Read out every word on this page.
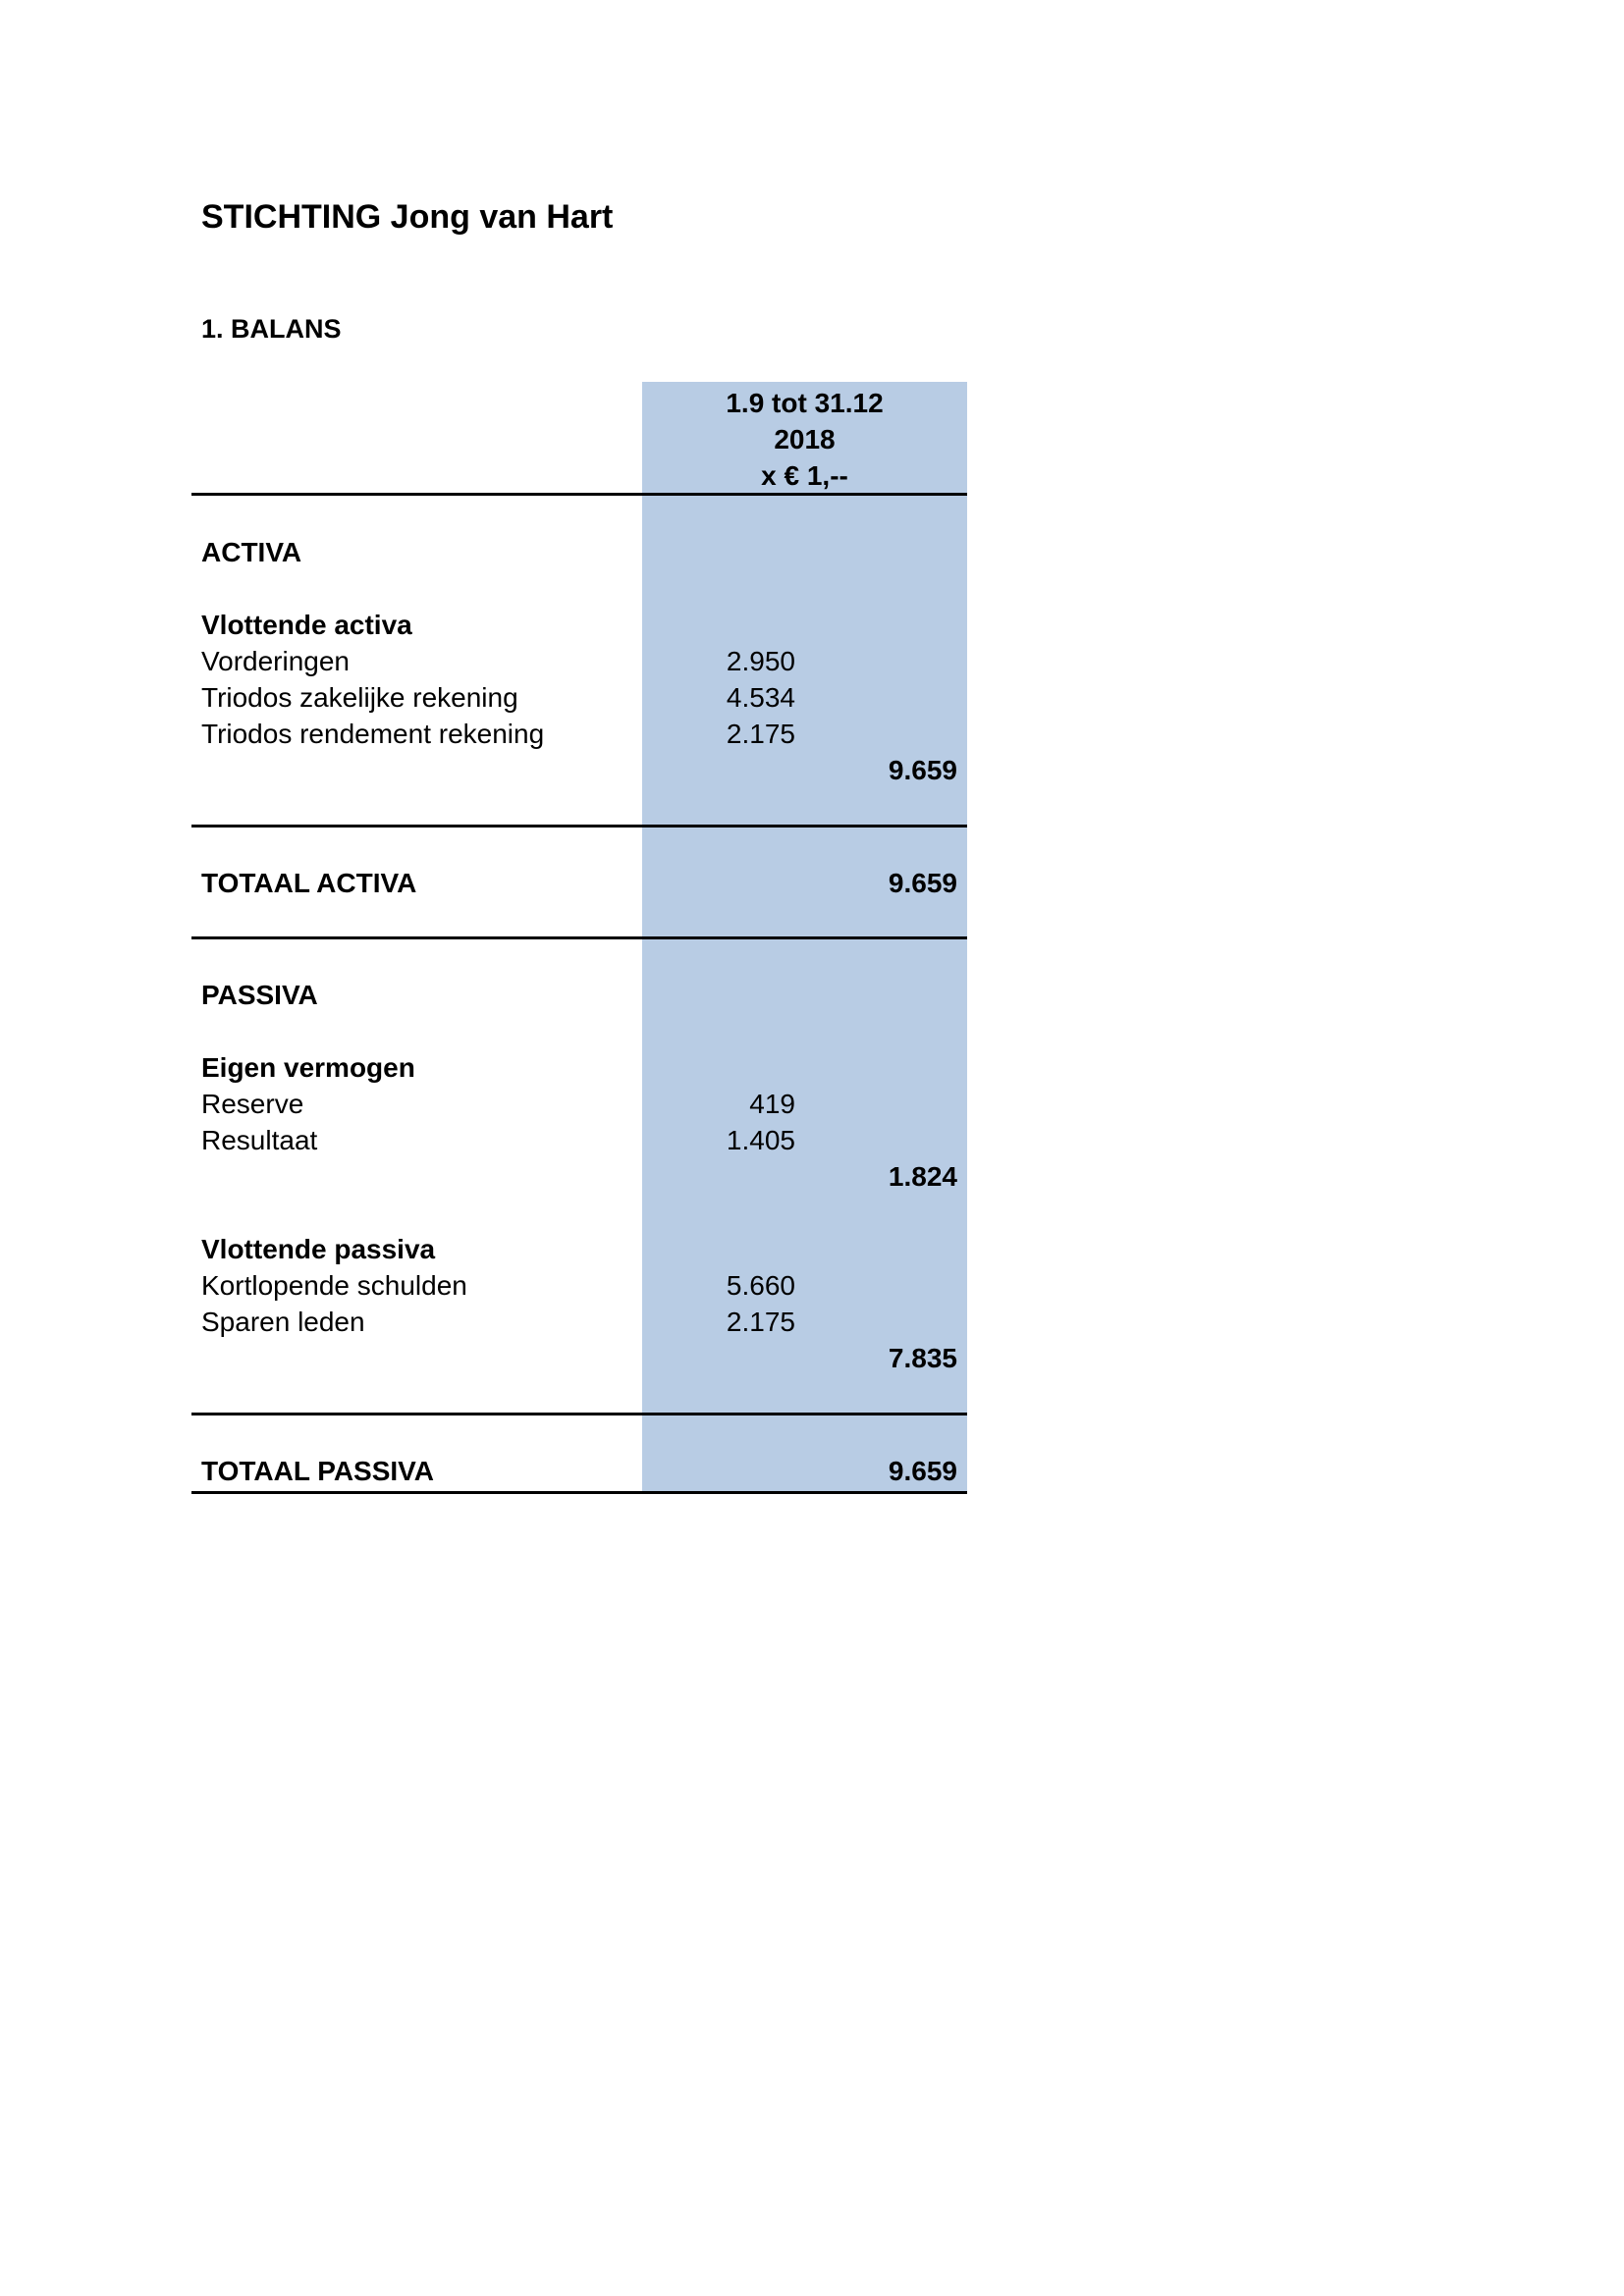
STICHTING Jong van Hart
1. BALANS
1.9 tot 31.12
2018
x € 1,--
ACTIVA
Vlottende activa
Vorderingen	2.950
Triodos zakelijke rekening	4.534
Triodos rendement rekening	2.175
9.659
TOTAAL ACTIVA	9.659
PASSIVA
Eigen vermogen
Reserve	419
Resultaat	1.405
1.824
Vlottende passiva
Kortlopende schulden	5.660
Sparen leden	2.175
7.835
TOTAAL PASSIVA	9.659
